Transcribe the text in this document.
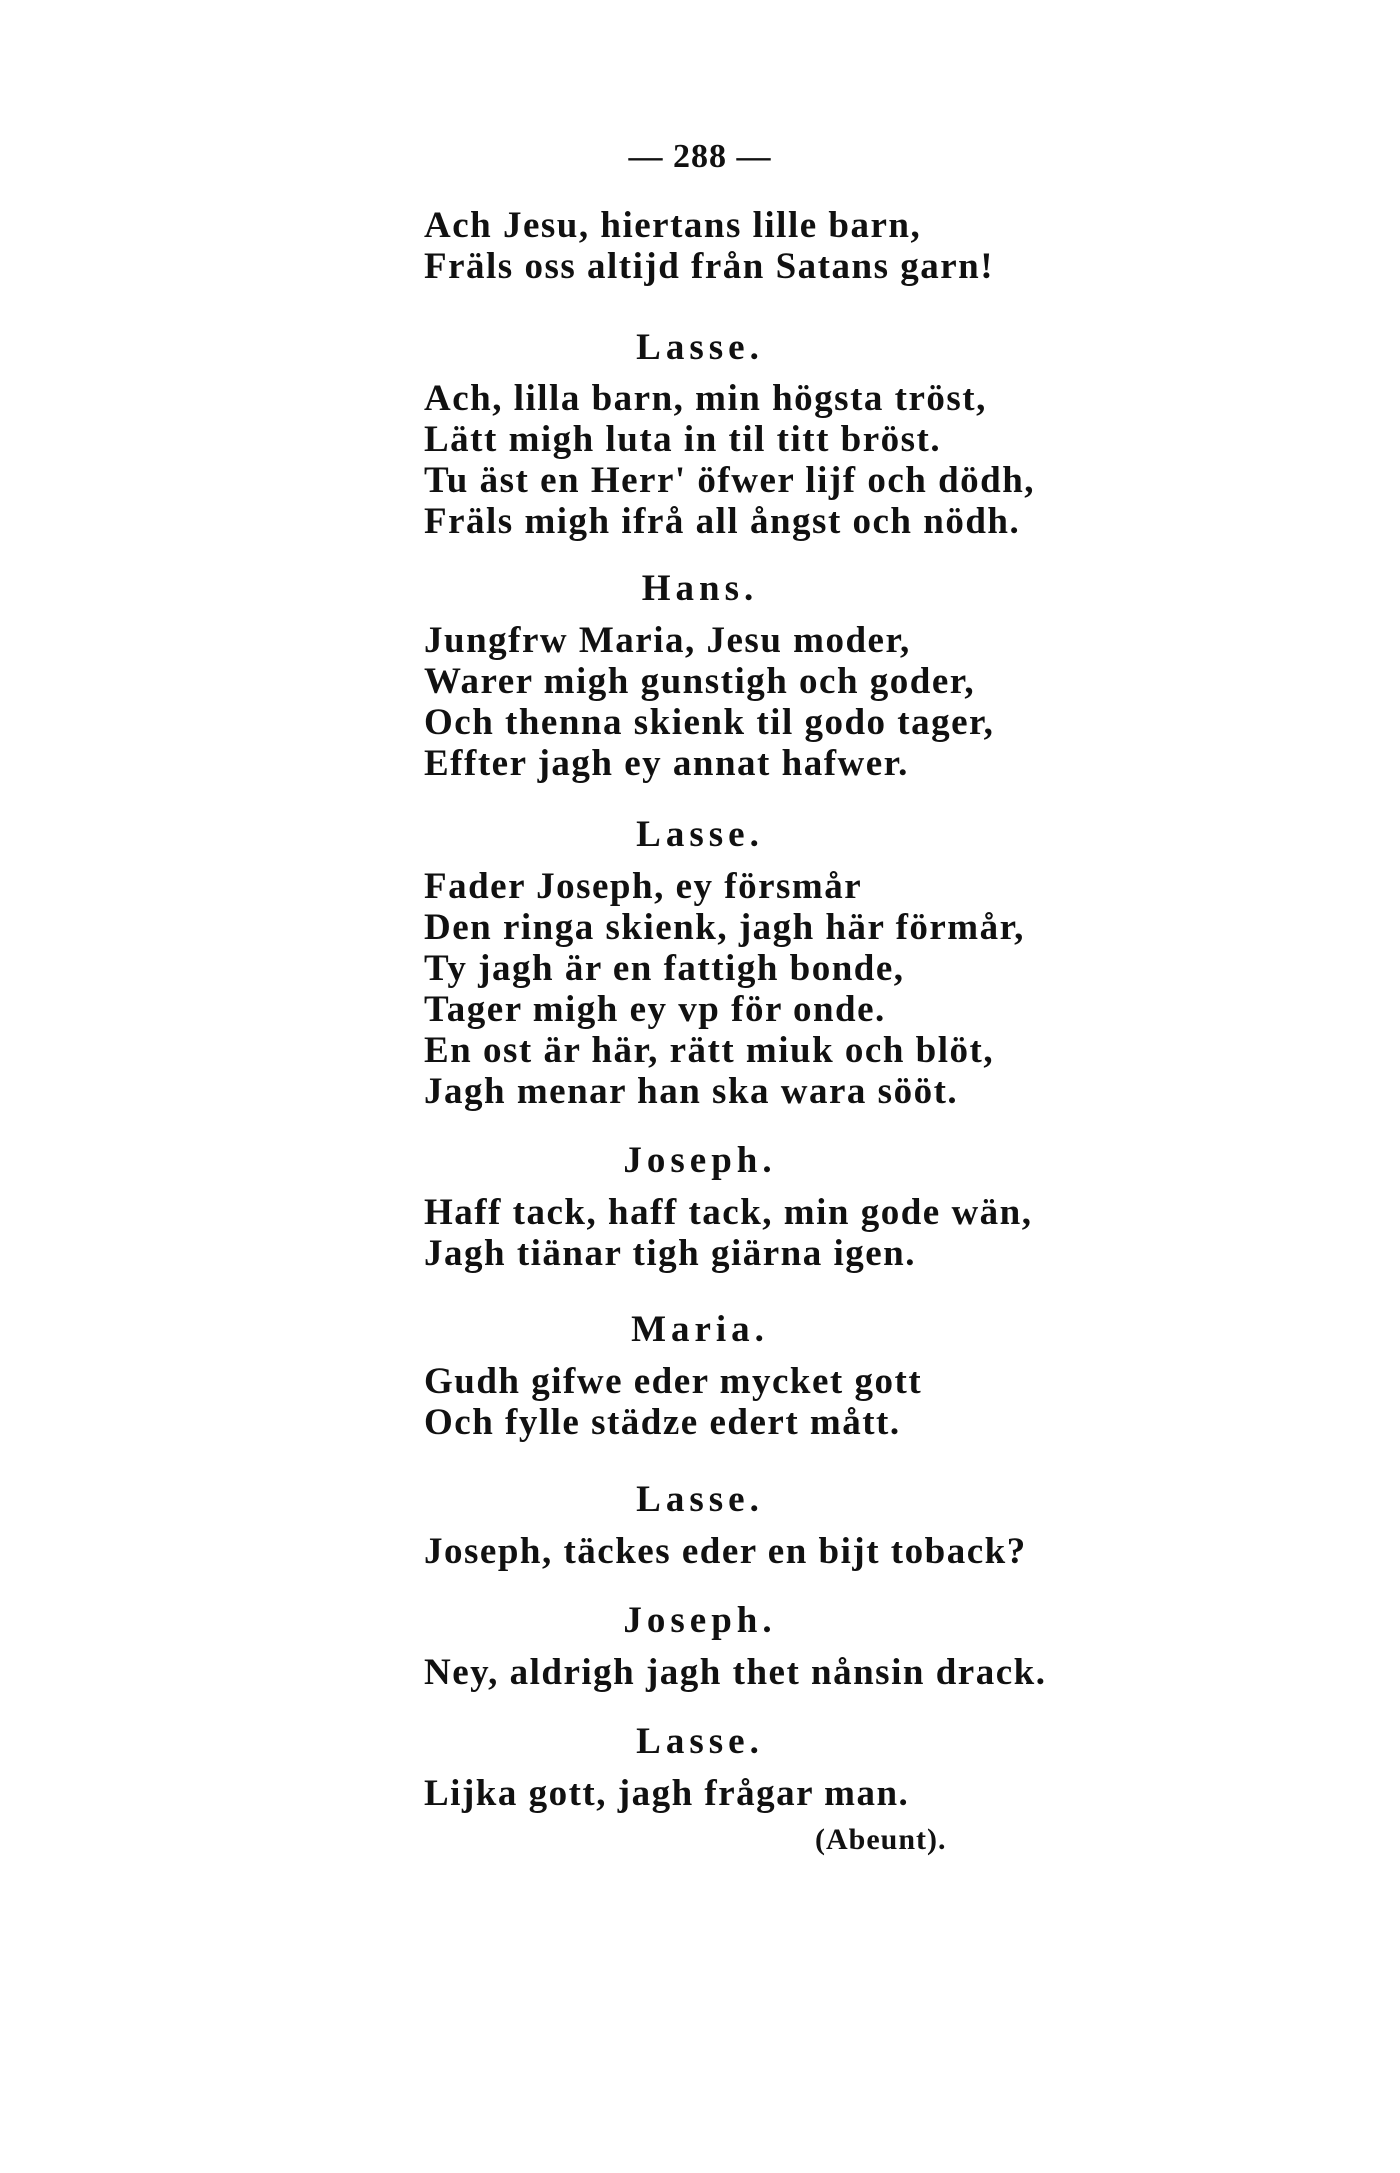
— 288 —
Ach Jesu, hiertans lille barn,
Fräls oss altijd från Satans garn!
Lasse.
Ach, lilla barn, min högsta tröst,
Lätt migh luta in til titt bröst.
Tu äst en Herr' öfwer lijf och dödh,
Fräls migh ifrå all ångst och nödh.
Hans.
Jungfrw Maria, Jesu moder,
Warer migh gunstigh och goder,
Och thenna skienk til godo tager,
Effter jagh ey annat hafwer.
Lasse.
Fader Joseph, ey försmår
Den ringa skienk, jagh här förmår,
Ty jagh är en fattigh bonde,
Tager migh ey vp för onde.
En ost är här, rätt miuk och blöt,
Jagh menar han ska wara sööt.
Joseph.
Haff tack, haff tack, min gode wän,
Jagh tiänar tigh giärna igen.
Maria.
Gudh gifwe eder mycket gott
Och fylle städze edert mått.
Lasse.
Joseph, täckes eder en bijt toback?
Joseph.
Ney, aldrigh jagh thet nånsin drack.
Lasse.
Lijka gott, jagh frågar man.
(Abeunt).
